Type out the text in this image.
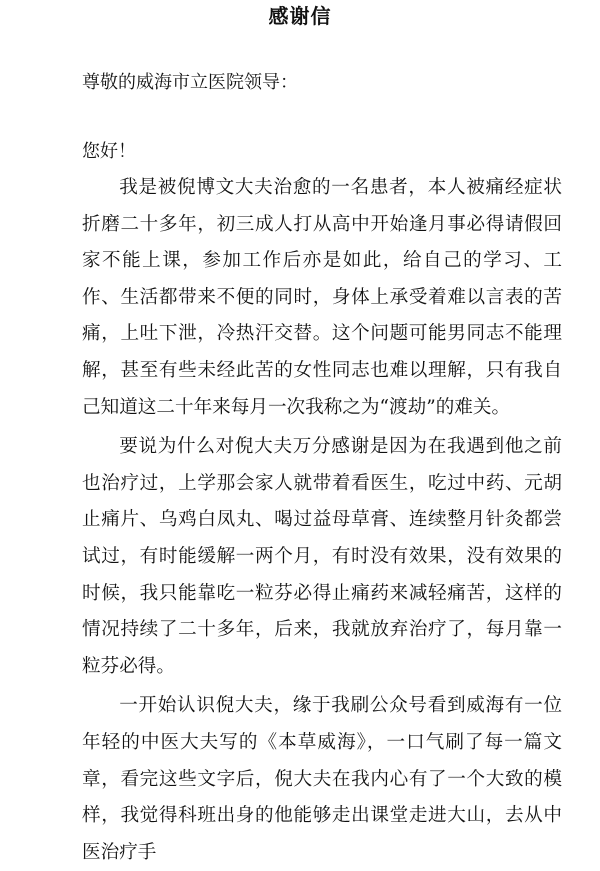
感谢信
尊敬的威海市立医院领导：
您好！

我是被倪博文大夫治愈的一名患者，本人被痛经症状折磨二十多年，初三成人打从高中开始逢月事必得请假回家不能上课，参加工作后亦是如此，给自己的学习、工作、生活都带来不便的同时，身体上承受着难以言表的苦痛，上吐下泄，冷热汗交替。这个问题可能男同志不能理解，甚至有些未经此苦的女性同志也难以理解，只有我自己知道这二十年来每月一次我称之为“渡劫”的难关。

要说为什么对倪大夫万分感谢是因为在我遇到他之前也治疗过，上学那会家人就带着看医生，吃过中药、元胡止痛片、乌鸡白凤丸、喝过益母草膏、连续整月针灸都尝试过，有时能缓解一两个月，有时没有效果，没有效果的时候，我只能靠吃一粒芬必得止痛药来减轻痛苦，这样的情况持续了二十多年，后来，我就放弃治疗了，每月靠一粒芬必得。

一开始认识倪大夫，缘于我刷公众号看到威海有一位年轻的中医大夫写的《本草威海》，一口气刷了每一篇文章，看完这些文字后，倪大夫在我内心有了一个大致的模样，我觉得科班出身的他能够走出课堂走进大山，去从中医治疗手
